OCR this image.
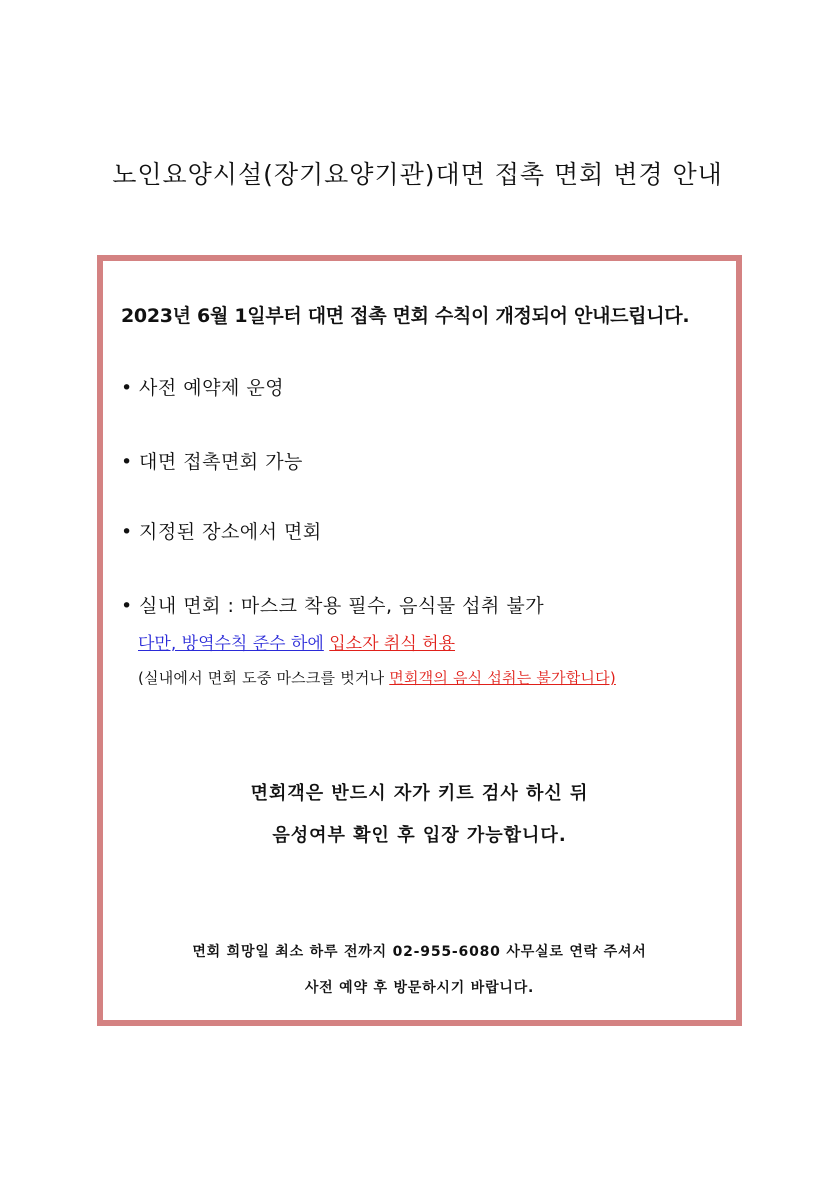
노인요양시설(장기요양기관)대면 접촉 면회 변경 안내
2023년 6월 1일부터 대면 접촉 면회 수칙이 개정되어 안내드립니다.
• 사전 예약제 운영
• 대면 접촉면회 가능
• 지정된 장소에서 면회
• 실내 면회 : 마스크 착용 필수, 음식물 섭취 불가
다만, 방역수칙 준수 하에 입소자 취식 허용
(실내에서 면회 도중 마스크를 벗거나 면회객의 음식 섭취는 불가합니다)
면회객은 반드시 자가 키트 검사 하신 뒤
음성여부 확인 후 입장 가능합니다.
면회 희망일 최소 하루 전까지 02-955-6080 사무실로 연락 주셔서
사전 예약 후 방문하시기 바랍니다.
